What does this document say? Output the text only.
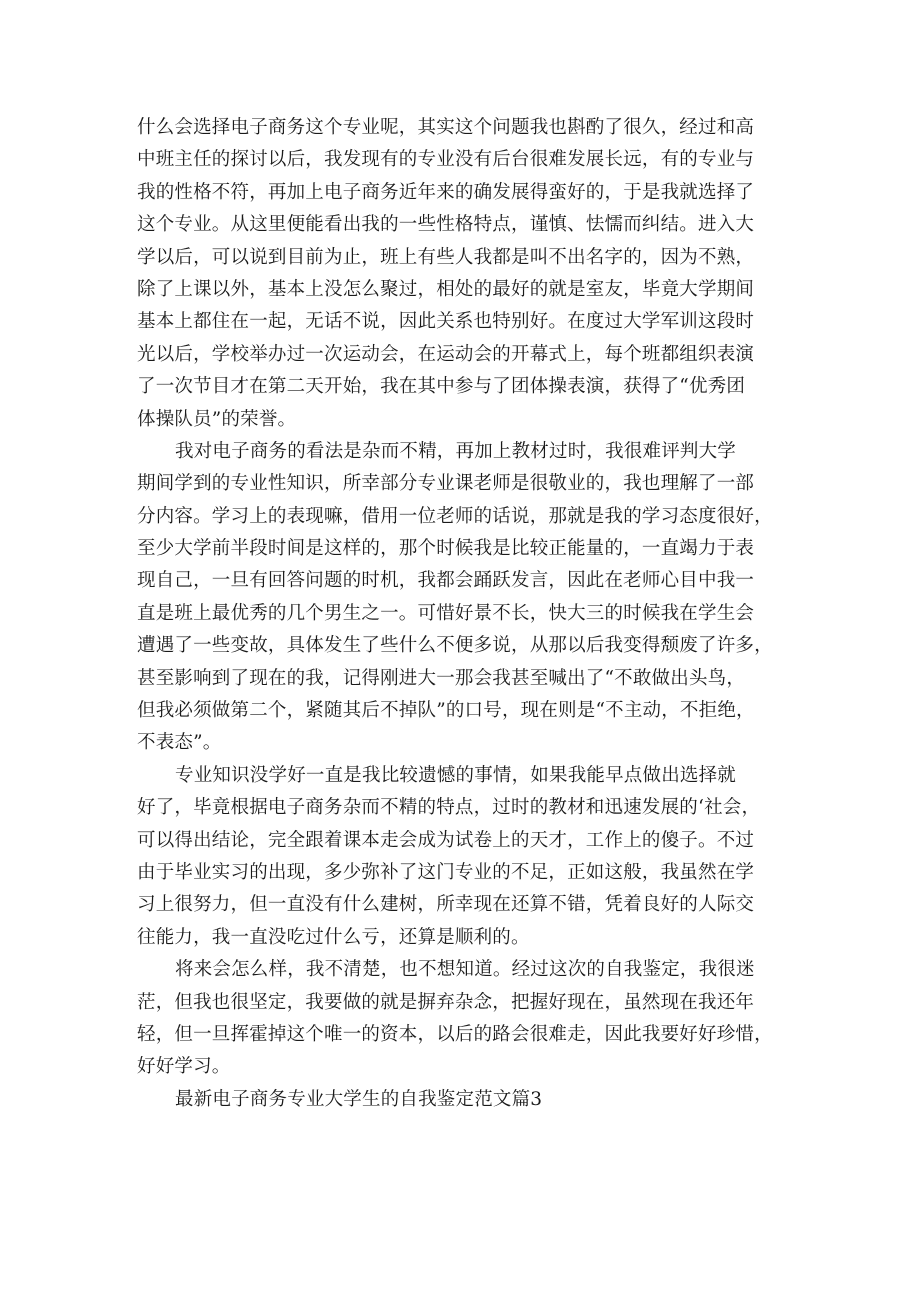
什么会选择电子商务这个专业呢，其实这个问题我也斟酌了很久，经过和高
中班主任的探讨以后，我发现有的专业没有后台很难发展长远，有的专业与
我的性格不符，再加上电子商务近年来的确发展得蛮好的，于是我就选择了
这个专业。从这里便能看出我的一些性格特点，谨慎、怯懦而纠结。进入大
学以后，可以说到目前为止，班上有些人我都是叫不出名字的，因为不熟，
除了上课以外，基本上没怎么聚过，相处的最好的就是室友，毕竟大学期间
基本上都住在一起，无话不说，因此关系也特别好。在度过大学军训这段时
光以后，学校举办过一次运动会，在运动会的开幕式上，每个班都组织表演
了一次节目才在第二天开始，我在其中参与了团体操表演，获得了“优秀团
体操队员”的荣誉。
我对电子商务的看法是杂而不精，再加上教材过时，我很难评判大学
期间学到的专业性知识，所幸部分专业课老师是很敬业的，我也理解了一部
分内容。学习上的表现嘛，借用一位老师的话说，那就是我的学习态度很好，
至少大学前半段时间是这样的，那个时候我是比较正能量的，一直竭力于表
现自己，一旦有回答问题的时机，我都会踊跃发言，因此在老师心目中我一
直是班上最优秀的几个男生之一。可惜好景不长，快大三的时候我在学生会
遭遇了一些变故，具体发生了些什么不便多说，从那以后我变得颓废了许多，
甚至影响到了现在的我，记得刚进大一那会我甚至喊出了“不敢做出头鸟，
但我必须做第二个，紧随其后不掉队”的口号，现在则是“不主动，不拒绝，
不表态”。
专业知识没学好一直是我比较遗憾的事情，如果我能早点做出选择就
好了，毕竟根据电子商务杂而不精的特点，过时的教材和迅速发展的‘社会，
可以得出结论，完全跟着课本走会成为试卷上的天才，工作上的傻子。不过
由于毕业实习的出现，多少弥补了这门专业的不足，正如这般，我虽然在学
习上很努力，但一直没有什么建树，所幸现在还算不错，凭着良好的人际交
往能力，我一直没吃过什么亏，还算是顺利的。
将来会怎么样，我不清楚，也不想知道。经过这次的自我鉴定，我很迷
茫，但我也很坚定，我要做的就是摒弃杂念，把握好现在，虽然现在我还年
轻，但一旦挥霍掉这个唯一的资本，以后的路会很难走，因此我要好好珍惜，
好好学习。
最新电子商务专业大学生的自我鉴定范文篇3
